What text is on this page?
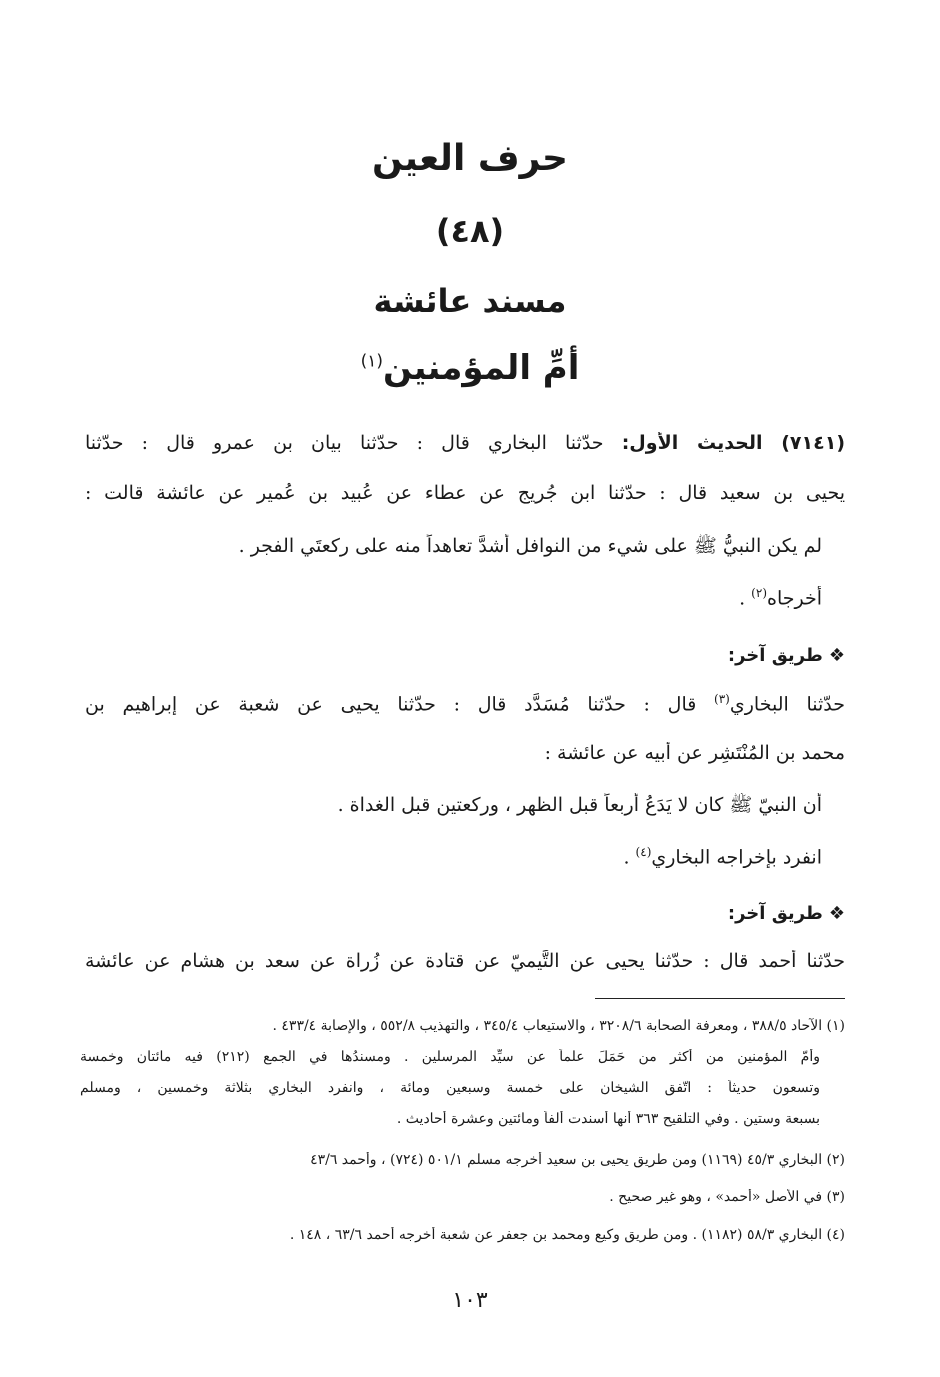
حرف العين
(٤٨)
مسند عائشة
أمِّ المؤمنين$^{(١)}$
(٧١٤١) الحديث الأول: حدّثنا البخاري قال : حدّثنا بيان بن عمرو قال : حدّثنا
يحيى بن سعيد قال : حدّثنا ابن جُريج عن عطاء عن عُبيد بن عُمير عن عائشة قالت :
لم يكن النبيُّ ﷺ على شيء من النوافل أشدَّ تعاهداً منه على ركعتَي الفجر .
أخرجاه$^{(٢)}$ .
❖طريق آخر:
حدّثنا البخاري$^{(٣)}$ قال : حدّثنا مُسَدَّد قال : حدّثنا يحيى عن شعبة عن إبراهيم بن
محمد بن المُنْتَشِر عن أبيه عن عائشة :
أن النبيّ ﷺ كان لا يَدَعُ أربعاً قبل الظهر ، وركعتين قبل الغداة .
انفرد بإخراجه البخاري$^{(٤)}$ .
❖طريق آخر:
حدّثنا أحمد قال : حدّثنا يحيى عن التَّيميّ عن قتادة عن زُراة عن سعد بن هشام عن عائشة
(١) الآحاد ٣٨٨/٥ ، ومعرفة الصحابة ٣٢٠٨/٦ ، والاستيعاب ٣٤٥/٤ ، والتهذيب ٥٥٢/٨ ، والإصابة ٤٣٣/٤ .
وأمّ المؤمنين من أكثر من حَمَلَ علماً عن سيِّد المرسلين . ومسندُها في الجمع (٢١٢) فيه مائتان وخمسة
وتسعون حديثاً : اتّفق الشيخان على خمسة وسبعين ومائة ، وانفرد البخاري بثلاثة وخمسين ، ومسلم
بسبعة وستين . وفي التلقيح ٣٦٣ أنها أسندت ألفاً ومائتين وعشرة أحاديث .
(٢) البخاري ٤٥/٣ (١١٦٩) ومن طريق يحيى بن سعيد أخرجه مسلم ٥٠١/١ (٧٢٤) ، وأحمد ٤٣/٦
(٣) في الأصل «أحمد» ، وهو غير صحيح .
(٤) البخاري ٥٨/٣ (١١٨٢) . ومن طريق وكيع ومحمد بن جعفر عن شعبة أخرجه أحمد ٦٣/٦ ، ١٤٨ .
١٠٣
